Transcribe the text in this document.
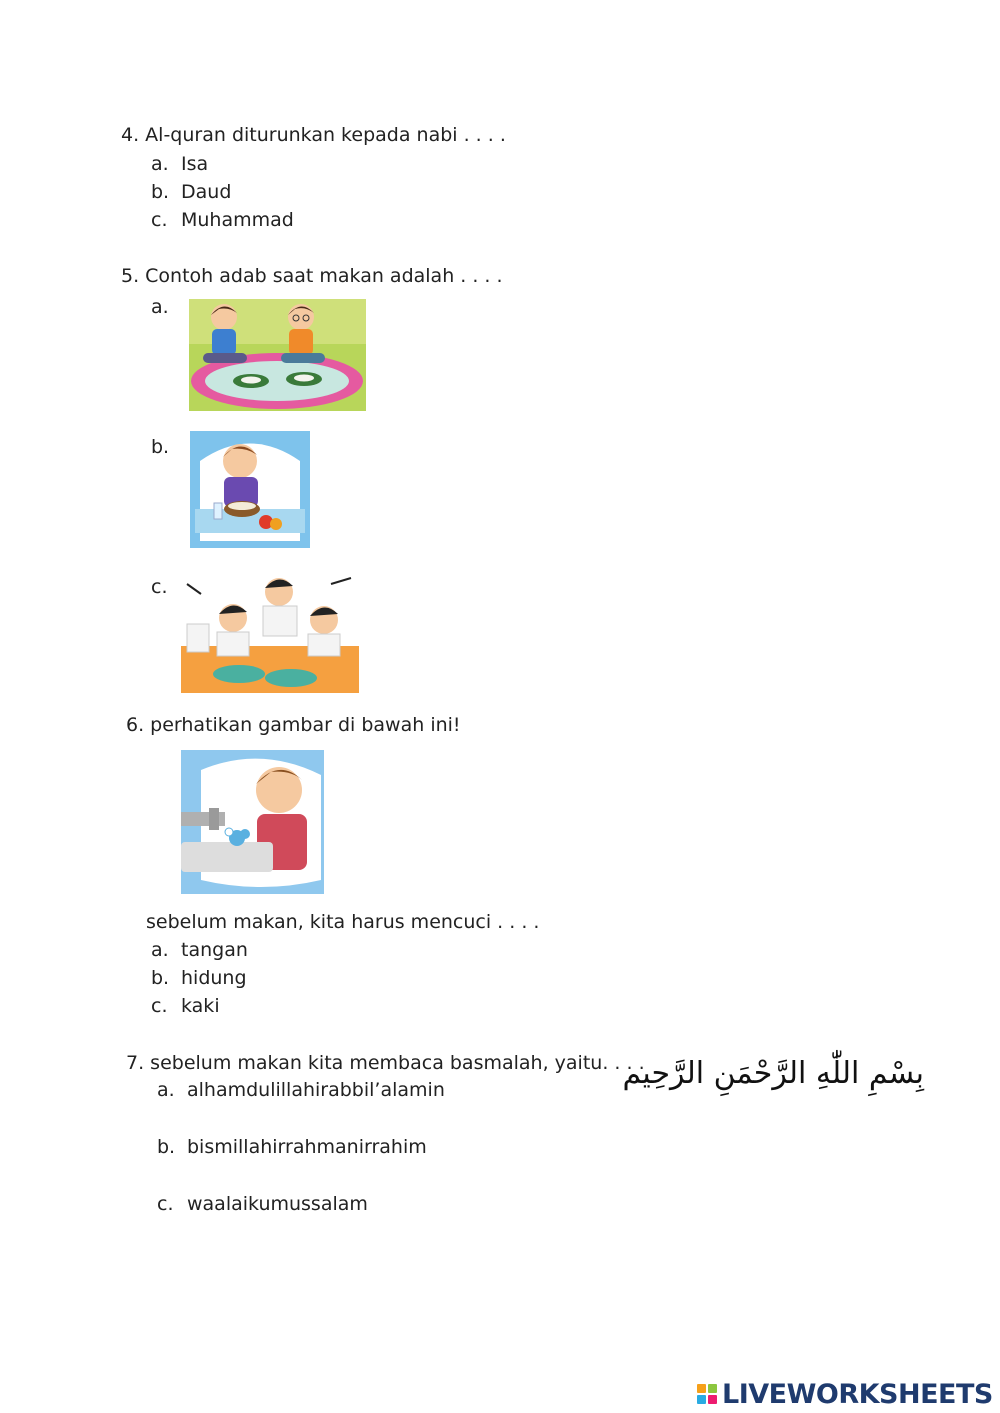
4. Al-quran diturunkan kepada nabi . . . .
a. Isa
b. Daud
c. Muhammad
5. Contoh adab saat makan adalah . . . .
a.
b.
c.
6. perhatikan gambar di bawah ini!
sebelum makan, kita harus mencuci . . . .
a. tangan
b. hidung
c. kaki
7. sebelum makan kita membaca basmalah, yaitu. . . .
بِسْمِ اللّٰهِ الرَّحْمَنِ الرَّحِيم
a. alhamdulillahirabbil’alamin
b. bismillahirrahmanirrahim
c. waalaikumussalam
LIVEWORKSHEETS
